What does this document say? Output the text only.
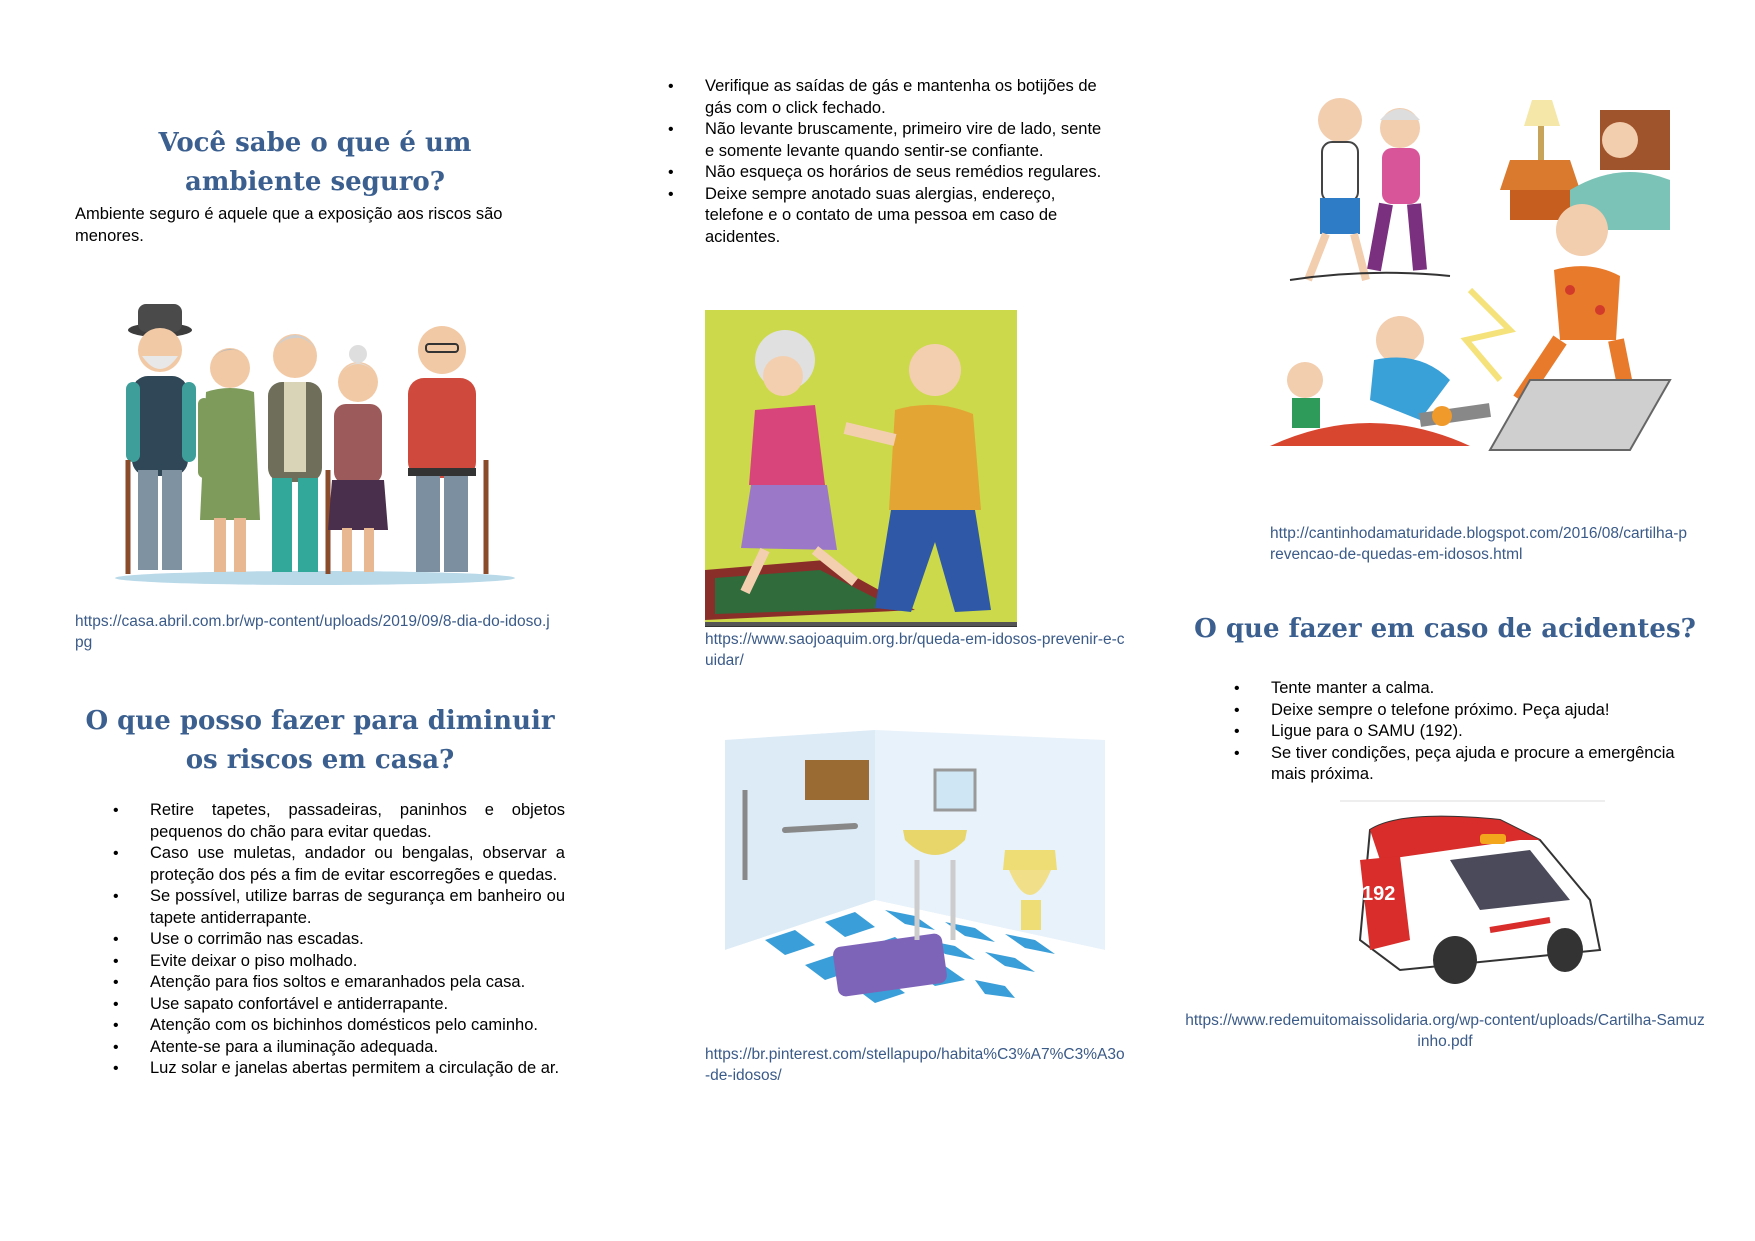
Você sabe o que é um ambiente seguro?

Ambiente seguro é aquele que a exposição aos riscos são menores.

https://casa.abril.com.br/wp-content/uploads/2019/09/8-dia-do-idoso.jpg

O que posso fazer para diminuir os riscos em casa?
• Retire tapetes, passadeiras, paninhos e objetos pequenos do chão para evitar quedas.
• Caso use muletas, andador ou bengalas, observar a proteção dos pés a fim de evitar escorregões e quedas.
• Se possível, utilize barras de segurança em banheiro ou tapete antiderrapante.
• Use o corrimão nas escadas.
• Evite deixar o piso molhado.
• Atenção para fios soltos e emaranhados pela casa.
• Use sapato confortável e antiderrapante.
• Atenção com os bichinhos domésticos pelo caminho.
• Atente-se para a iluminação adequada.
• Luz solar e janelas abertas permitem a circulação de ar.
• Verifique as saídas de gás e mantenha os botijões de gás com o click fechado.
• Não levante bruscamente, primeiro vire de lado, sente e somente levante quando sentir-se confiante.
• Não esqueça os horários de seus remédios regulares.
• Deixe sempre anotado suas alergias, endereço, telefone e o contato de uma pessoa em caso de acidentes.

https://www.saojoaquim.org.br/queda-em-idosos-prevenir-e-cuidar/

https://br.pinterest.com/stellapupo/habita%C3%A7%C3%A3o-de-idosos/

http://cantinhodamaturidade.blogspot.com/2016/08/cartilha-prevencao-de-quedas-em-idosos.html

O que fazer em caso de acidentes?
• Tente manter a calma.
• Deixe sempre o telefone próximo. Peça ajuda!
• Ligue para o SAMU (192).
• Se tiver condições, peça ajuda e procure a emergência mais próxima.
192

https://www.redemuitomaissolidaria.org/wp-content/uploads/Cartilha-Samuzinho.pdf
